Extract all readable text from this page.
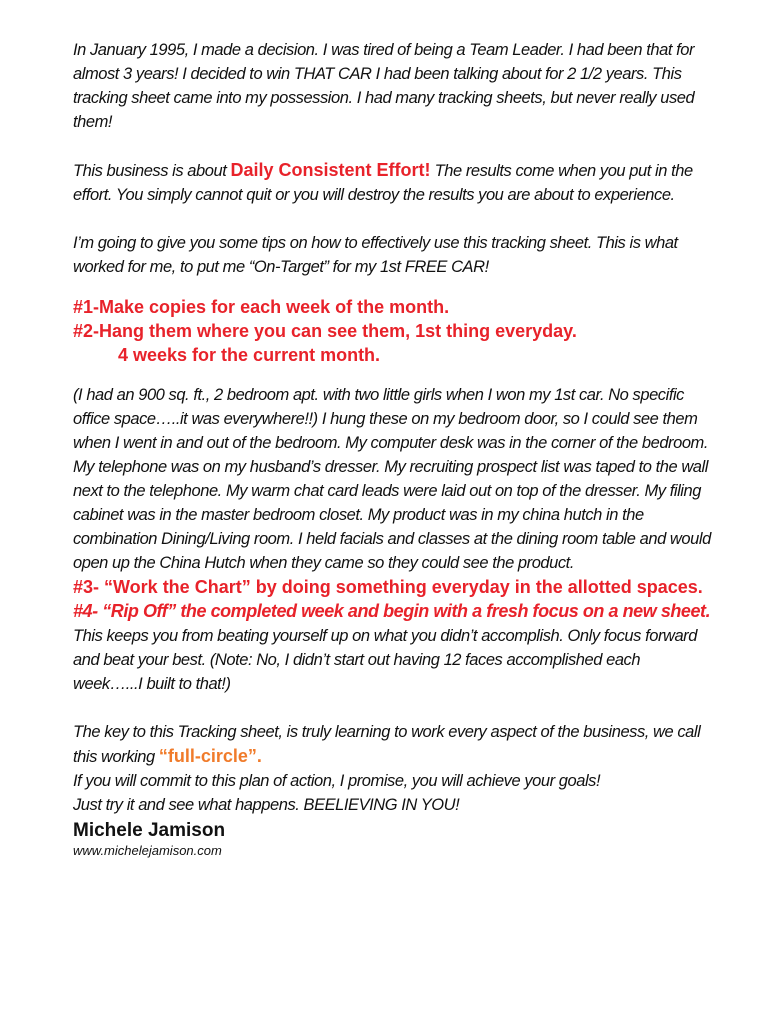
In January 1995, I made a decision. I was tired of being a Team Leader. I had been that for almost 3 years! I decided to win THAT CAR I had been talking about for 2 1/2 years. This tracking sheet came into my possession. I had many tracking sheets, but never really used them!

This business is about Daily Consistent Effort! The results come when you put in the effort. You simply cannot quit or you will destroy the results you are about to experience.

I’m going to give you some tips on how to effectively use this tracking sheet. This is what worked for me, to put me “On-Target” for my 1st FREE CAR!

#1-Make copies for each week of the month.

#2-Hang them where you can see them, 1st thing everyday.

4 weeks for the current month.

(I had an 900 sq. ft., 2 bedroom apt. with two little girls when I won my 1st car. No specific office space…..it was everywhere!!) I hung these on my bedroom door, so I could see them when I went in and out of the bedroom. My computer desk was in the corner of the bedroom. My telephone was on my husband’s dresser. My recruiting prospect list was taped to the wall next to the telephone. My warm chat card leads were laid out on top of the dresser. My filing cabinet was in the master bedroom closet. My product was in my china hutch in the combination Dining/Living room. I held facials and classes at the dining room table and would open up the China Hutch when they came so they could see the product.

#3- “Work the Chart” by doing something everyday in the allotted spaces.

#4- “Rip Off” the completed week and begin with a fresh focus on a new sheet. This keeps you from beating yourself up on what you didn’t accomplish. Only focus forward and beat your best. (Note: No, I didn’t start out having 12 faces accomplished each week…...I built to that!)

The key to this Tracking sheet, is truly learning to work every aspect of the business, we call this working “full-circle”.

If you will commit to this plan of action, I promise, you will achieve your goals!

Just try it and see what happens. BEELIEVING IN YOU!

Michele Jamison

www.michelejamison.com
